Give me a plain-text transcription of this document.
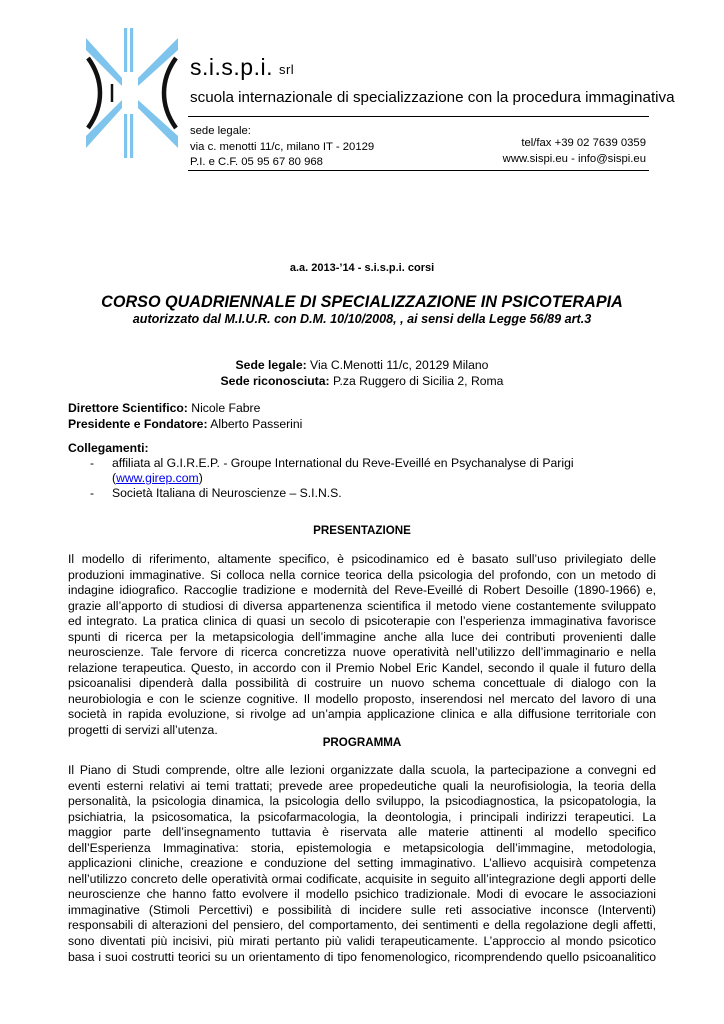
s.i.s.p.i. srl
scuola internazionale di specializzazione con la procedura immaginativa
sede legale:
via c. menotti 11/c, milano IT - 20129
P.I. e C.F. 05 95 67 80 968
tel/fax +39 02 7639 0359
www.sispi.eu - info@sispi.eu
a.a. 2013-’14 - s.i.s.p.i. corsi
CORSO QUADRIENNALE DI SPECIALIZZAZIONE IN PSICOTERAPIA
autorizzato dal M.I.U.R. con D.M. 10/10/2008, , ai sensi della Legge 56/89 art.3
Sede legale: Via C.Menotti 11/c, 20129 Milano
Sede riconosciuta: P.za Ruggero di Sicilia 2, Roma
Direttore Scientifico: Nicole Fabre
Presidente e Fondatore: Alberto Passerini
Collegamenti:
- affiliata al G.I.R.E.P. - Groupe International du Reve-Eveillé en Psychanalyse di Parigi
(www.girep.com)
- Società Italiana di Neuroscienze – S.I.N.S.
PRESENTAZIONE
Il modello di riferimento, altamente specifico, è psicodinamico ed è basato sull’uso privilegiato delle
produzioni immaginative. Si colloca nella cornice teorica della psicologia del profondo, con un metodo di
indagine idiografico. Raccoglie tradizione e modernità del Reve-Eveillé di Robert Desoille (1890-1966) e,
grazie all’apporto di studiosi di diversa appartenenza scientifica il metodo viene costantemente sviluppato
ed integrato. La pratica clinica di quasi un secolo di psicoterapie con l’esperienza immaginativa favorisce
spunti di ricerca per la metapsicologia dell’immagine anche alla luce dei contributi provenienti dalle
neuroscienze. Tale fervore di ricerca concretizza nuove operatività nell’utilizzo dell’immaginario e nella
relazione terapeutica. Questo, in accordo con il Premio Nobel Eric Kandel, secondo il quale il futuro della
psicoanalisi dipenderà dalla possibilità di costruire un nuovo schema concettuale di dialogo con la
neurobiologia e con le scienze cognitive. Il modello proposto, inserendosi nel mercato del lavoro di una
società in rapida evoluzione, si rivolge ad un’ampia applicazione clinica e alla diffusione territoriale con
progetti di servizi all’utenza.
PROGRAMMA
Il Piano di Studi comprende, oltre alle lezioni organizzate dalla scuola, la partecipazione a convegni ed
eventi esterni relativi ai temi trattati; prevede aree propedeutiche quali la neurofisiologia, la teoria della
personalità, la psicologia dinamica, la psicologia dello sviluppo, la psicodiagnostica, la psicopatologia, la
psichiatria, la psicosomatica, la psicofarmacologia, la deontologia, i principali indirizzi terapeutici. La
maggior parte dell’insegnamento tuttavia è riservata alle materie attinenti al modello specifico
dell’Esperienza Immaginativa: storia, epistemologia e metapsicologia dell’immagine, metodologia,
applicazioni cliniche, creazione e conduzione del setting immaginativo. L’allievo acquisirà competenza
nell’utilizzo concreto delle operatività ormai codificate, acquisite in seguito all’integrazione degli apporti delle
neuroscienze che hanno fatto evolvere il modello psichico tradizionale. Modi di evocare le associazioni
immaginative (Stimoli Percettivi) e possibilità di incidere sulle reti associative inconsce (Interventi)
responsabili di alterazioni del pensiero, del comportamento, dei sentimenti e della regolazione degli affetti,
sono diventati più incisivi, più mirati pertanto più validi terapeuticamente. L’approccio al mondo psicotico
basa i suoi costrutti teorici su un orientamento di tipo fenomenologico, ricomprendendo quello psicoanalitico
